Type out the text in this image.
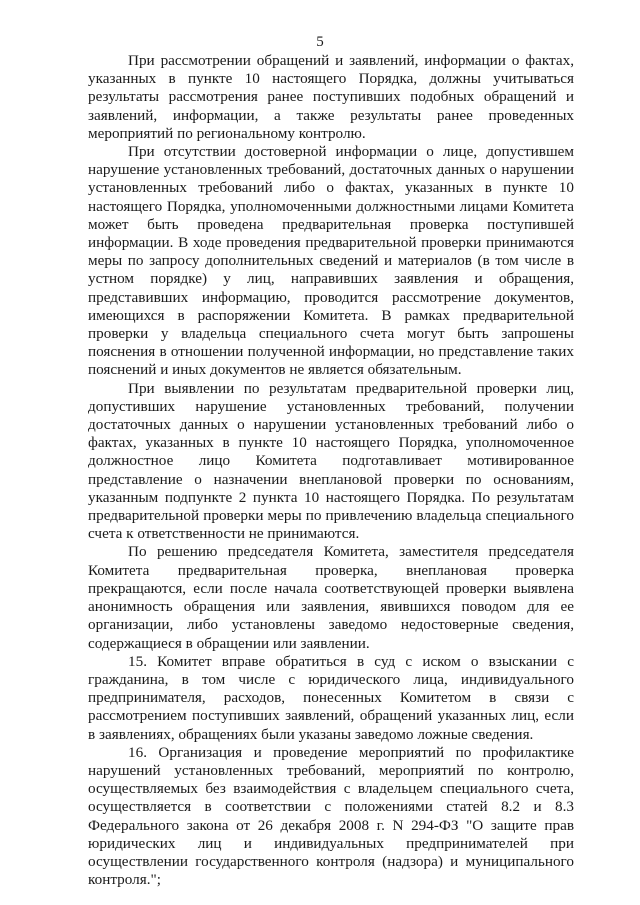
5

При рассмотрении обращений и заявлений, информации о фактах, указанных в пункте 10 настоящего Порядка, должны учитываться результаты рассмотрения ранее поступивших подобных обращений и заявлений, информации, а также результаты ранее проведенных мероприятий по региональному контролю.

При отсутствии достоверной информации о лице, допустившем нарушение установленных требований, достаточных данных о нарушении установленных требований либо о фактах, указанных в пункте 10 настоящего Порядка, уполномоченными должностными лицами Комитета может быть проведена предварительная проверка поступившей информации. В ходе проведения предварительной проверки принимаются меры по запросу дополнительных сведений и материалов (в том числе в устном порядке) у лиц, направивших заявления и обращения, представивших информацию, проводится рассмотрение документов, имеющихся в распоряжении Комитета. В рамках предварительной проверки у владельца специального счета могут быть запрошены пояснения в отношении полученной информации, но представление таких пояснений и иных документов не является обязательным.

При выявлении по результатам предварительной проверки лиц, допустивших нарушение установленных требований, получении достаточных данных о нарушении установленных требований либо о фактах, указанных в пункте 10 настоящего Порядка, уполномоченное должностное лицо Комитета подготавливает мотивированное представление о назначении внеплановой проверки по основаниям, указанным подпункте 2 пункта 10 настоящего Порядка. По результатам предварительной проверки меры по привлечению владельца специального счета к ответственности не принимаются.

По решению председателя Комитета, заместителя председателя Комитета предварительная проверка, внеплановая проверка прекращаются, если после начала соответствующей проверки выявлена анонимность обращения или заявления, явившихся поводом для ее организации, либо установлены заведомо недостоверные сведения, содержащиеся в обращении или заявлении.

15. Комитет вправе обратиться в суд с иском о взыскании с гражданина, в том числе с юридического лица, индивидуального предпринимателя, расходов, понесенных Комитетом в связи с рассмотрением поступивших заявлений, обращений указанных лиц, если в заявлениях, обращениях были указаны заведомо ложные сведения.

16. Организация и проведение мероприятий по профилактике нарушений установленных требований, мероприятий по контролю, осуществляемых без взаимодействия с владельцем специального счета, осуществляется в соответствии с положениями статей 8.2 и 8.3 Федерального закона от 26 декабря 2008 г. N 294-ФЗ "О защите прав юридических лиц и индивидуальных предпринимателей при осуществлении государственного контроля (надзора) и муниципального контроля.";
